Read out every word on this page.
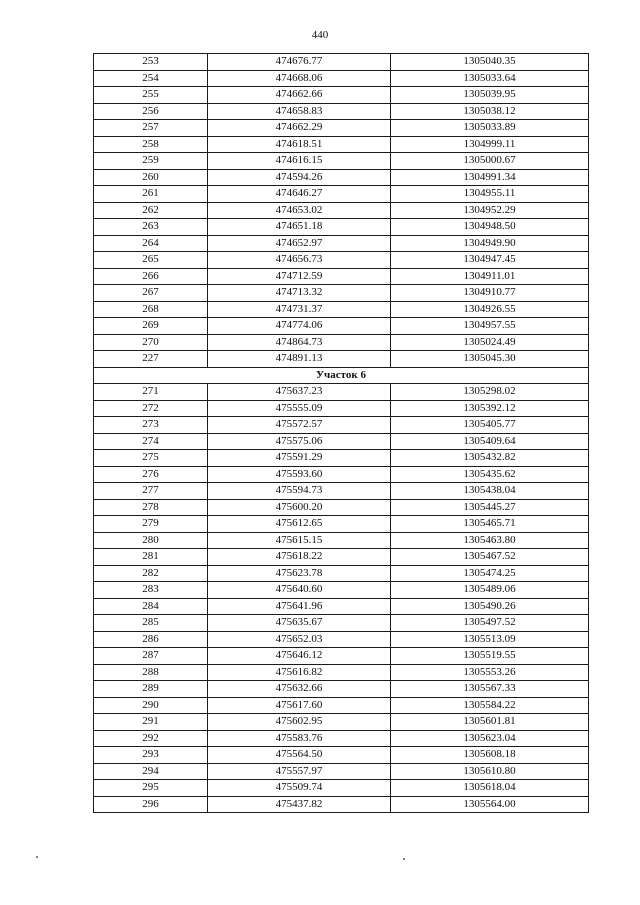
440
253	474676.77	1305040.35
254	474668.06	1305033.64
255	474662.66	1305039.95
256	474658.83	1305038.12
257	474662.29	1305033.89
258	474618.51	1304999.11
259	474616.15	1305000.67
260	474594.26	1304991.34
261	474646.27	1304955.11
262	474653.02	1304952.29
263	474651.18	1304948.50
264	474652.97	1304949.90
265	474656.73	1304947.45
266	474712.59	1304911.01
267	474713.32	1304910.77
268	474731.37	1304926.55
269	474774.06	1304957.55
270	474864.73	1305024.49
227	474891.13	1305045.30
Участок 6		
271	475637.23	1305298.02
272	475555.09	1305392.12
273	475572.57	1305405.77
274	475575.06	1305409.64
275	475591.29	1305432.82
276	475593.60	1305435.62
277	475594.73	1305438.04
278	475600.20	1305445.27
279	475612.65	1305465.71
280	475615.15	1305463.80
281	475618.22	1305467.52
282	475623.78	1305474.25
283	475640.60	1305489.06
284	475641.96	1305490.26
285	475635.67	1305497.52
286	475652.03	1305513.09
287	475646.12	1305519.55
288	475616.82	1305553.26
289	475632.66	1305567.33
290	475617.60	1305584.22
291	475602.95	1305601.81
292	475583.76	1305623.04
293	475564.50	1305608.18
294	475557.97	1305610.80
295	475509.74	1305618.04
296	475437.82	1305564.00
